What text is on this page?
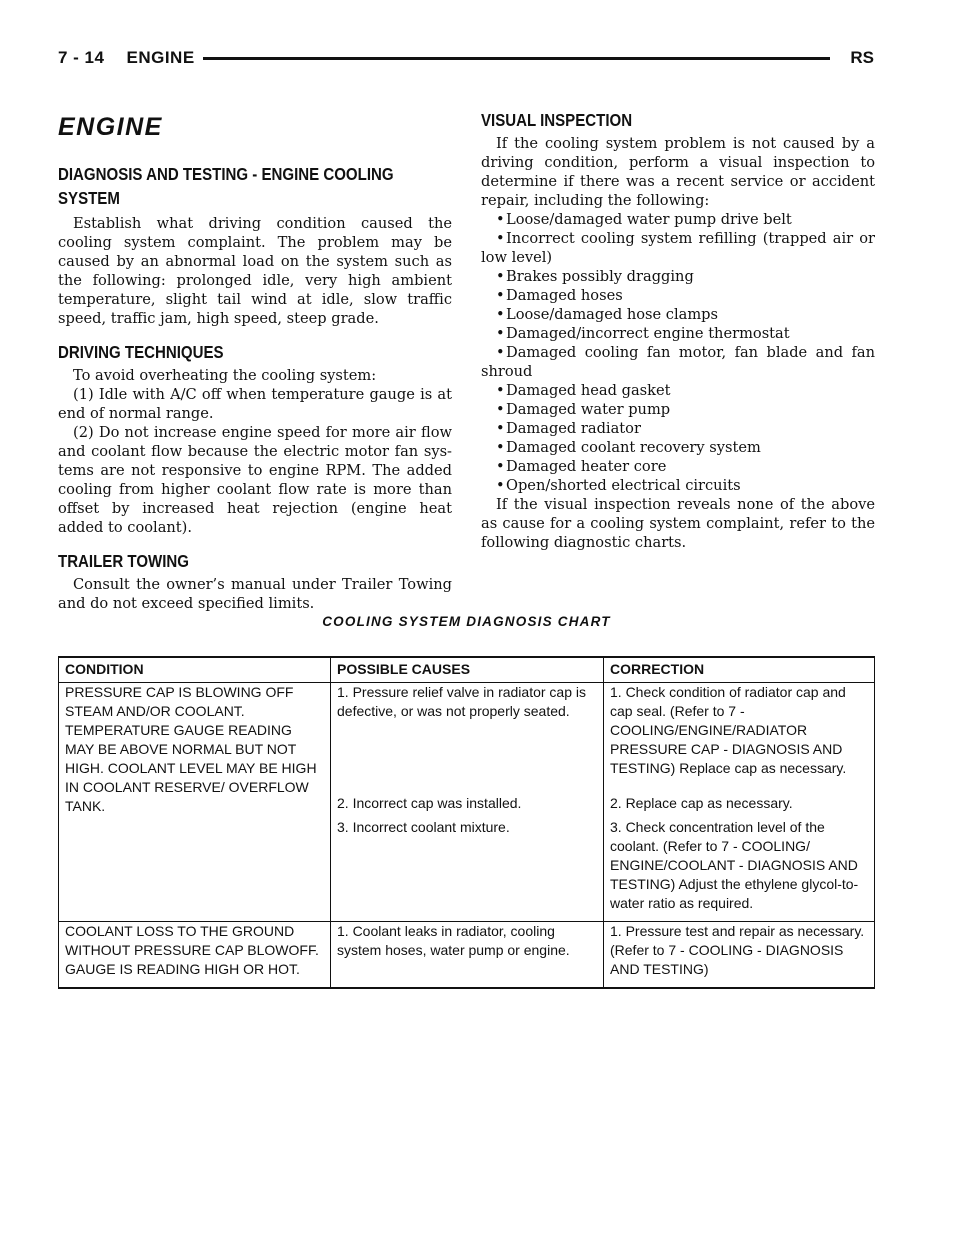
7 - 14 ENGINE	RS
ENGINE
DIAGNOSIS AND TESTING - ENGINE COOLING
SYSTEM

Establish what driving condition caused the cooling system complaint. The problem may be caused by an abnormal load on the system such as the following: prolonged idle, very high ambient temperature, slight tail wind at idle, slow traffic speed, traffic jam, high speed, steep grade.

DRIVING TECHNIQUES

To avoid overheating the cooling system:

(1) Idle with A/C off when temperature gauge is at end of normal range.

(2) Do not increase engine speed for more air flow and coolant flow because the electric motor fan sys-tems are not responsive to engine RPM. The added cooling from higher coolant flow rate is more than offset by increased heat rejection (engine heat added to coolant).

TRAILER TOWING

Consult the owner’s manual under Trailer Towing and do not exceed specified limits.

VISUAL INSPECTION

If the cooling system problem is not caused by a driving condition, perform a visual inspection to determine if there was a recent service or accident repair, including the following:

•Loose/damaged water pump drive belt
•Incorrect cooling system refilling (trapped air or low level)
•Brakes possibly dragging
•Damaged hoses
•Loose/damaged hose clamps
•Damaged/incorrect engine thermostat
•Damaged cooling fan motor, fan blade and fan shroud
•Damaged head gasket
•Damaged water pump
•Damaged radiator
•Damaged coolant recovery system
•Damaged heater core
•Open/shorted electrical circuits

If the visual inspection reveals none of the above as cause for a cooling system complaint, refer to the following diagnostic charts.

COOLING SYSTEM DIAGNOSIS CHART
CONDITION	POSSIBLE CAUSES	CORRECTION
PRESSURE CAP IS BLOWING OFF STEAM AND/OR COOLANT. TEMPERATURE GAUGE READING MAY BE ABOVE NORMAL BUT NOT HIGH. COOLANT LEVEL MAY BE HIGH IN COOLANT RESERVE/ OVERFLOW TANK.	1. Pressure relief valve in radiator cap is defective, or was not properly seated.	1. Check condition of radiator cap and cap seal. (Refer to 7 - COOLING/ENGINE/RADIATOR PRESSURE CAP - DIAGNOSIS AND TESTING) Replace cap as necessary.

	2. Incorrect cap was installed.	2. Replace cap as necessary.

	3. Incorrect coolant mixture.	3. Check concentration level of the coolant. (Refer to 7 - COOLING/ ENGINE/COOLANT - DIAGNOSIS AND TESTING) Adjust the ethylene glycol-to-water ratio as required.

COOLANT LOSS TO THE GROUND WITHOUT PRESSURE CAP BLOWOFF. GAUGE IS READING HIGH OR HOT.	1. Coolant leaks in radiator, cooling system hoses, water pump or engine.	1. Pressure test and repair as necessary. (Refer to 7 - COOLING - DIAGNOSIS AND TESTING)
